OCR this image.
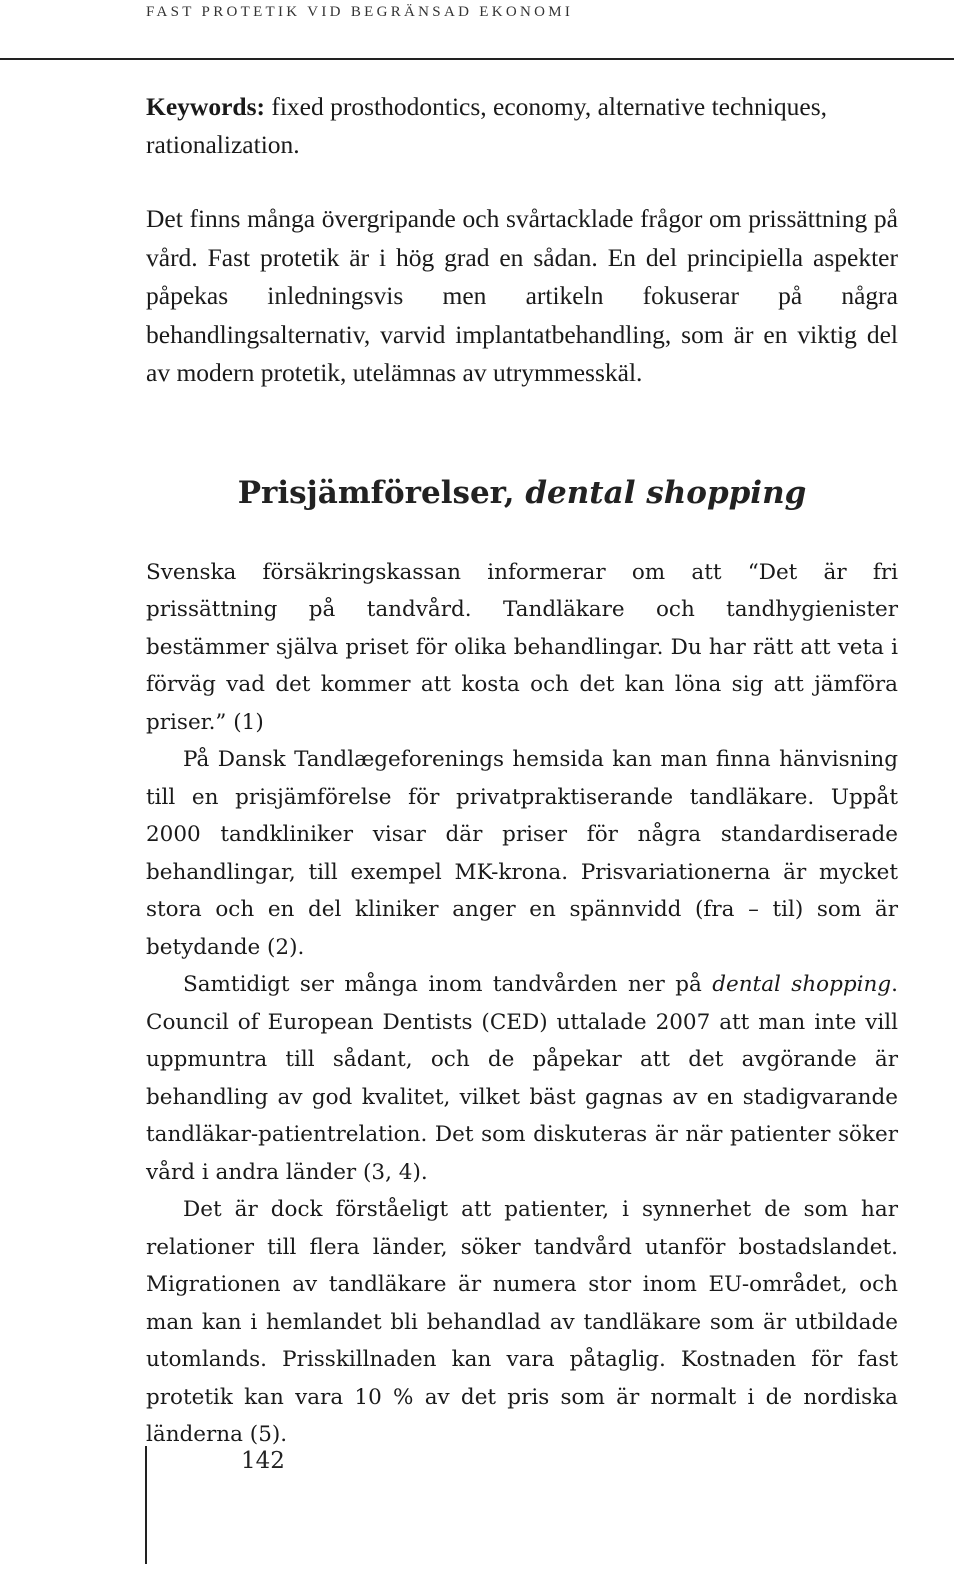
FAST PROTETIK VID BEGRÄNSAD EKONOMI

Keywords: fixed prosthodontics, economy, alternative techniques, rationalization.

Det finns många övergripande och svårtacklade frågor om prissättning på vård. Fast protetik är i hög grad en sådan. En del principiella aspekter påpekas inledningsvis men artikeln fokuserar på några behandlingsalternativ, varvid implantatbehandling, som är en viktig del av modern protetik, utelämnas av utrymmesskäl.

Prisjämförelser, dental shopping

Svenska försäkringskassan informerar om att “Det är fri prissättning på tandvård. Tandläkare och tandhygienister bestämmer själva priset för olika behandlingar. Du har rätt att veta i förväg vad det kommer att kosta och det kan löna sig att jämföra priser.” (1)

På Dansk Tandlægeforenings hemsida kan man finna hänvisning till en prisjämförelse för privatpraktiserande tandläkare. Uppåt 2000 tandkliniker visar där priser för några standardiserade behandlingar, till exempel MK-krona. Prisvariationerna är mycket stora och en del kliniker anger en spännvidd (fra – til) som är betydande (2).

Samtidigt ser många inom tandvården ner på dental shopping. Council of European Dentists (CED) uttalade 2007 att man inte vill uppmuntra till sådant, och de påpekar att det avgörande är behandling av god kvalitet, vilket bäst gagnas av en stadigvarande tandläkar-patientrelation. Det som diskuteras är när patienter söker vård i andra länder (3, 4).

Det är dock förståeligt att patienter, i synnerhet de som har relationer till flera länder, söker tandvård utanför bostadslandet. Migrationen av tandläkare är numera stor inom EU-området, och man kan i hemlandet bli behandlad av tandläkare som är utbildade utomlands. Prisskillnaden kan vara påtaglig. Kostnaden för fast protetik kan vara 10 % av det pris som är normalt i de nordiska länderna (5).

142
